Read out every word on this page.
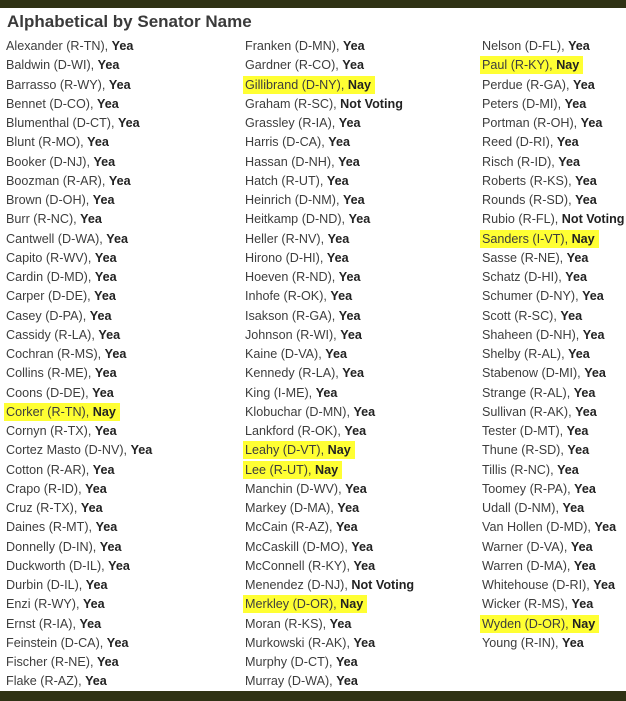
Alphabetical by Senator Name
Alexander (R-TN), Yea
Baldwin (D-WI), Yea
Barrasso (R-WY), Yea
Bennet (D-CO), Yea
Blumenthal (D-CT), Yea
Blunt (R-MO), Yea
Booker (D-NJ), Yea
Boozman (R-AR), Yea
Brown (D-OH), Yea
Burr (R-NC), Yea
Cantwell (D-WA), Yea
Capito (R-WV), Yea
Cardin (D-MD), Yea
Carper (D-DE), Yea
Casey (D-PA), Yea
Cassidy (R-LA), Yea
Cochran (R-MS), Yea
Collins (R-ME), Yea
Coons (D-DE), Yea
Corker (R-TN), Nay
Cornyn (R-TX), Yea
Cortez Masto (D-NV), Yea
Cotton (R-AR), Yea
Crapo (R-ID), Yea
Cruz (R-TX), Yea
Daines (R-MT), Yea
Donnelly (D-IN), Yea
Duckworth (D-IL), Yea
Durbin (D-IL), Yea
Enzi (R-WY), Yea
Ernst (R-IA), Yea
Feinstein (D-CA), Yea
Fischer (R-NE), Yea
Flake (R-AZ), Yea
Franken (D-MN), Yea
Gardner (R-CO), Yea
Gillibrand (D-NY), Nay
Graham (R-SC), Not Voting
Grassley (R-IA), Yea
Harris (D-CA), Yea
Hassan (D-NH), Yea
Hatch (R-UT), Yea
Heinrich (D-NM), Yea
Heitkamp (D-ND), Yea
Heller (R-NV), Yea
Hirono (D-HI), Yea
Hoeven (R-ND), Yea
Inhofe (R-OK), Yea
Isakson (R-GA), Yea
Johnson (R-WI), Yea
Kaine (D-VA), Yea
Kennedy (R-LA), Yea
King (I-ME), Yea
Klobuchar (D-MN), Yea
Lankford (R-OK), Yea
Leahy (D-VT), Nay
Lee (R-UT), Nay
Manchin (D-WV), Yea
Markey (D-MA), Yea
McCain (R-AZ), Yea
McCaskill (D-MO), Yea
McConnell (R-KY), Yea
Menendez (D-NJ), Not Voting
Merkley (D-OR), Nay
Moran (R-KS), Yea
Murkowski (R-AK), Yea
Murphy (D-CT), Yea
Murray (D-WA), Yea
Nelson (D-FL), Yea
Paul (R-KY), Nay
Perdue (R-GA), Yea
Peters (D-MI), Yea
Portman (R-OH), Yea
Reed (D-RI), Yea
Risch (R-ID), Yea
Roberts (R-KS), Yea
Rounds (R-SD), Yea
Rubio (R-FL), Not Voting
Sanders (I-VT), Nay
Sasse (R-NE), Yea
Schatz (D-HI), Yea
Schumer (D-NY), Yea
Scott (R-SC), Yea
Shaheen (D-NH), Yea
Shelby (R-AL), Yea
Stabenow (D-MI), Yea
Strange (R-AL), Yea
Sullivan (R-AK), Yea
Tester (D-MT), Yea
Thune (R-SD), Yea
Tillis (R-NC), Yea
Toomey (R-PA), Yea
Udall (D-NM), Yea
Van Hollen (D-MD), Yea
Warner (D-VA), Yea
Warren (D-MA), Yea
Whitehouse (D-RI), Yea
Wicker (R-MS), Yea
Wyden (D-OR), Nay
Young (R-IN), Yea
